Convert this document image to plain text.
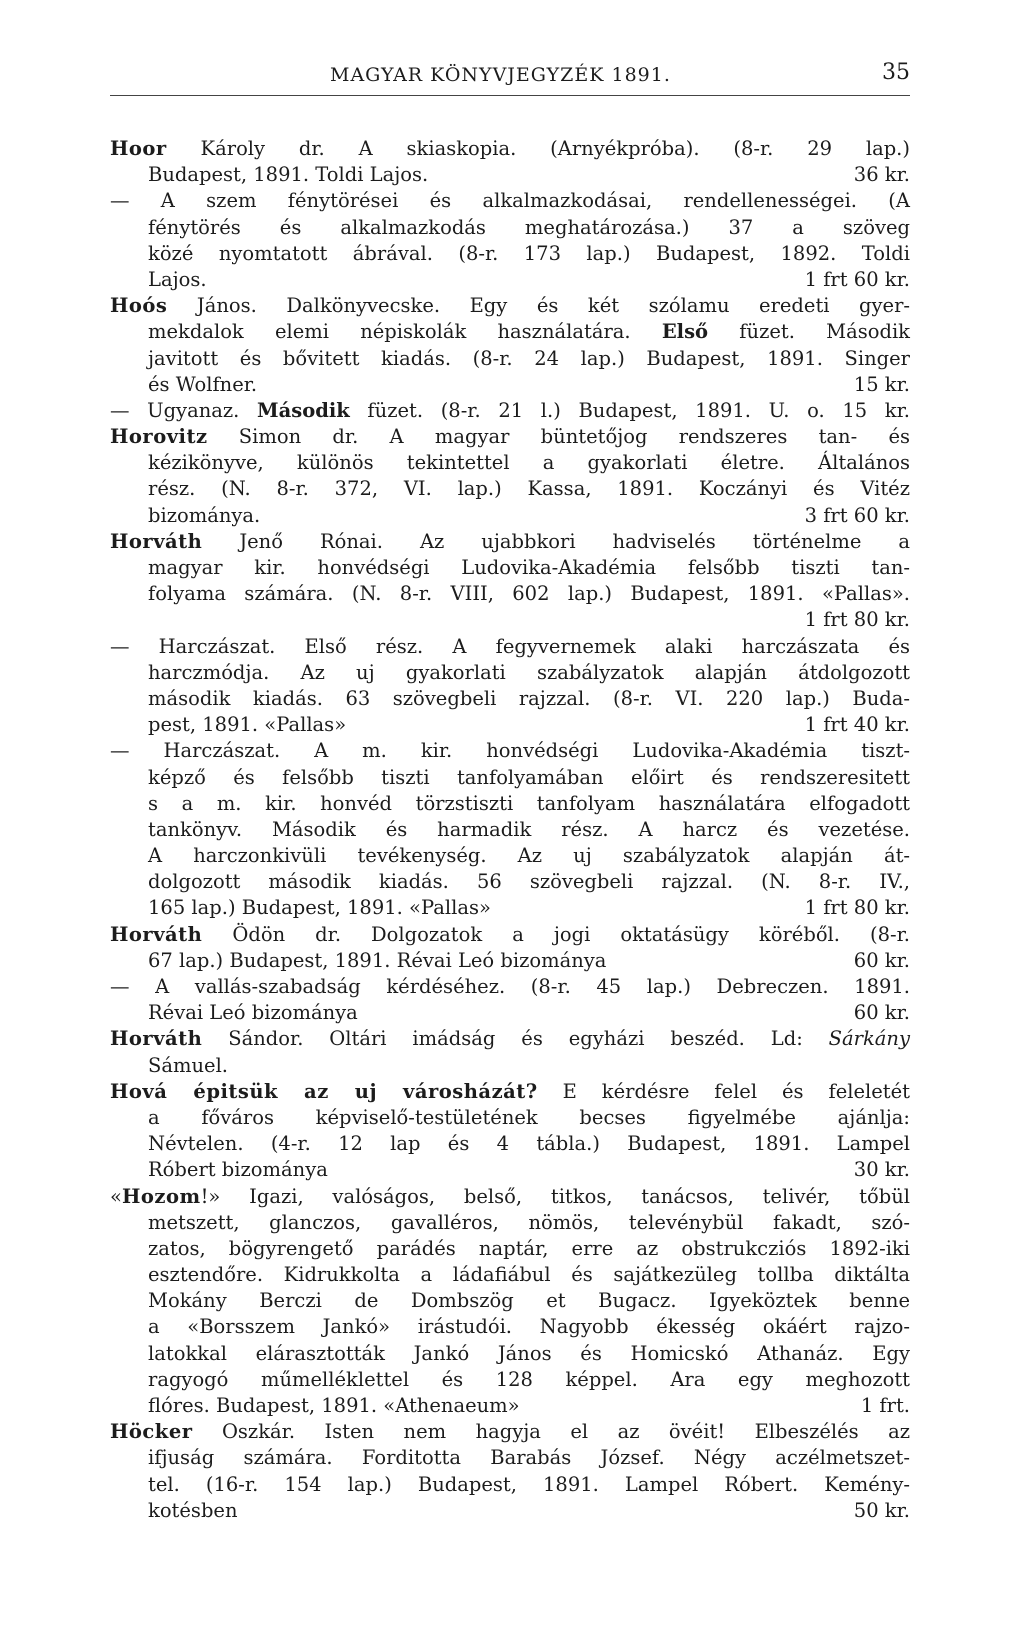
MAGYAR KÖNYVJEGYZÉK 1891.	35
Hoor Károly dr. A skiaskopia. (Arnyékpróba). (8-r. 29 lap.)
Budapest, 1891. Toldi Lajos.	36 kr.
— A szem fénytörései és alkalmazkodásai, rendellenességei. (A
fénytörés és alkalmazkodás meghatározása.) 37 a szöveg
közé nyomtatott ábrával. (8-r. 173 lap.) Budapest, 1892. Toldi
Lajos.	1 frt 60 kr.
Hoós János. Dalkönyvecske. Egy és két szólamu eredeti gyer-
mekdalok elemi népiskolák használatára. Első füzet. Második
javitott és bővitett kiadás. (8-r. 24 lap.) Budapest, 1891. Singer
és Wolfner.	15 kr.
— Ugyanaz. Második füzet. (8-r. 21 l.) Budapest, 1891. U. o. 15 kr.
Horovitz Simon dr. A magyar büntetőjog rendszeres tan- és
kézikönyve, különös tekintettel a gyakorlati életre. Általános
rész. (N. 8-r. 372, VI. lap.) Kassa, 1891. Koczányi és Vitéz
bizománya.	3 frt 60 kr.
Horváth Jenő Rónai. Az ujabbkori hadviselés történelme a
magyar kir. honvédségi Ludovika-Akadémia felsőbb tiszti tan-
folyama számára. (N. 8-r. VIII, 602 lap.) Budapest, 1891. «Pallas».
1 frt 80 kr.
— Harczászat. Első rész. A fegyvernemek alaki harczászata és
harczmódja. Az uj gyakorlati szabályzatok alapján átdolgozott
második kiadás. 63 szövegbeli rajzzal. (8-r. VI. 220 lap.) Buda-
pest, 1891. «Pallas»	1 frt 40 kr.
— Harczászat. A m. kir. honvédségi Ludovika-Akadémia tiszt-
képző és felsőbb tiszti tanfolyamában előirt és rendszeresitett
s a m. kir. honvéd törzstiszti tanfolyam használatára elfogadott
tankönyv. Második és harmadik rész. A harcz és vezetése.
A harczonkivüli tevékenység. Az uj szabályzatok alapján át-
dolgozott második kiadás. 56 szövegbeli rajzzal. (N. 8-r. IV.,
165 lap.) Budapest, 1891. «Pallas»	1 frt 80 kr.
Horváth Ödön dr. Dolgozatok a jogi oktatásügy köréből. (8-r.
67 lap.) Budapest, 1891. Révai Leó bizománya	60 kr.
— A vallás-szabadság kérdéséhez. (8-r. 45 lap.) Debreczen. 1891.
Révai Leó bizománya	60 kr.
Horváth Sándor. Oltári imádság és egyházi beszéd. Ld: Sárkány
Sámuel.
Hová épitsük az uj városházát? E kérdésre felel és feleletét
a főváros képviselő-testületének becses figyelmébe ajánlja:
Névtelen. (4-r. 12 lap és 4 tábla.) Budapest, 1891. Lampel
Róbert bizománya	30 kr.
«Hozom!» Igazi, valóságos, belső, titkos, tanácsos, telivér, tőbül
metszett, glanczos, gavalléros, nömös, televénybül fakadt, szó-
zatos, bögyrengető parádés naptár, erre az obstrukcziós 1892-iki
esztendőre. Kidrukkolta a ládafiábul és sajátkezüleg tollba diktálta
Mokány Berczi de Dombszög et Bugacz. Igyeköztek benne
a «Borsszem Jankó» irástudói. Nagyobb ékesség okáért rajzo-
latokkal elárasztották Jankó János és Homicskó Athanáz. Egy
ragyogó műmelléklettel és 128 képpel. Ara egy meghozott
flóres. Budapest, 1891. «Athenaeum»	1 frt.
Höcker Oszkár. Isten nem hagyja el az övéit! Elbeszélés az
ifjuság számára. Forditotta Barabás József. Négy aczélmetszet-
tel. (16-r. 154 lap.) Budapest, 1891. Lampel Róbert. Kemény-
kotésben	50 kr.
